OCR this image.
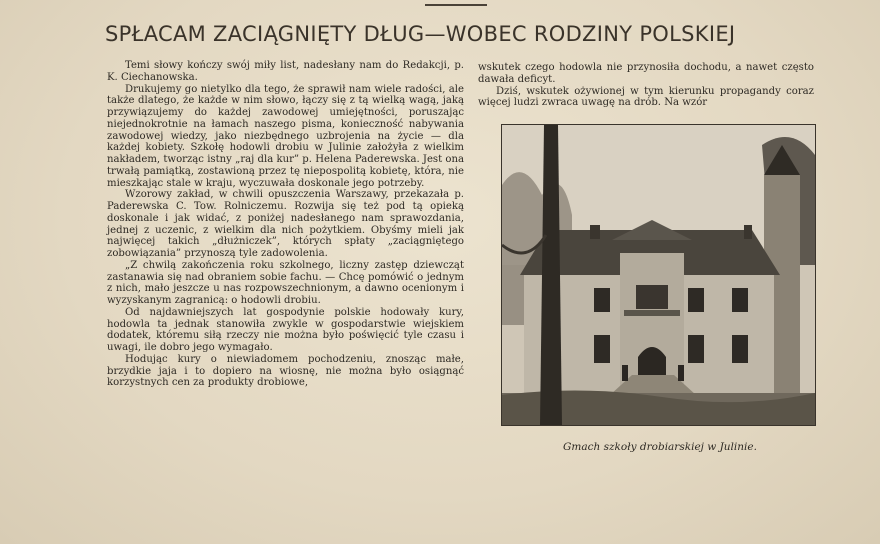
SPŁACAM ZACIĄGNIĘTY DŁUG—WOBEC RODZINY POLSKIEJ

Temi słowy kończy swój miły list, nadesłany nam do Redakcji, p. K. Ciechanowska.

Drukujemy go nietylko dla tego, że sprawił nam wiele radości, ale także dlatego, że każde w nim słowo, łączy się z tą wielką wagą, jaką przywiązujemy do każdej zawodowej umiejętności, poruszając niejednokrotnie na łamach naszego pisma, konieczność nabywania zawodowej wiedzy, jako niezbędnego uzbrojenia na życie — dla każdej kobiety. Szkołę hodowli drobiu w Julinie założyła z wielkim nakładem, tworząc istny „raj dla kur” p. Helena Paderewska. Jest ona trwałą pamiątką, zostawioną przez tę niepospolitą kobietę, która, nie mieszkając stale w kraju, wyczuwała doskonale jego potrzeby.

Wzorowy zakład, w chwili opuszczenia Warszawy, przekazała p. Paderewska C. Tow. Rolniczemu. Rozwija się też pod tą opieką doskonale i jak widać, z poniżej nadesłanego nam sprawozdania, jednej z uczenic, z wielkim dla nich pożytkiem. Obyśmy mieli jak najwięcej takich „dłużniczek”, których spłaty „zaciągniętego zobowiązania” przynoszą tyle zadowolenia.

„Z chwilą zakończenia roku szkolnego, liczny zastęp dziewcząt zastanawia się nad obraniem sobie fachu. — Chcę pomówić o jednym z nich, mało jeszcze u nas rozpowszechnionym, a dawno ocenionym i wyzyskanym zagranicą: o hodowli drobiu.

Od najdawniejszych lat gospodynie polskie hodowały kury, hodowla ta jednak stanowiła zwykle w gospodarstwie wiejskiem dodatek, któremu siłą rzeczy nie można było poświęcić tyle czasu i uwagi, ile dobro jego wymagało.

Hodując kury o niewiadomem pochodzeniu, znosząc małe, brzydkie jaja i to dopiero na wiosnę, nie można było osiągnąć korzystnych cen za produkty drobiowe,

wskutek czego hodowla nie przynosiła dochodu, a nawet często dawała deficyt.

Dziś, wskutek ożywionej w tym kierunku propagandy coraz więcej ludzi zwraca uwagę na drób. Na wzór

Gmach szkoły drobiarskiej w Julinie.
